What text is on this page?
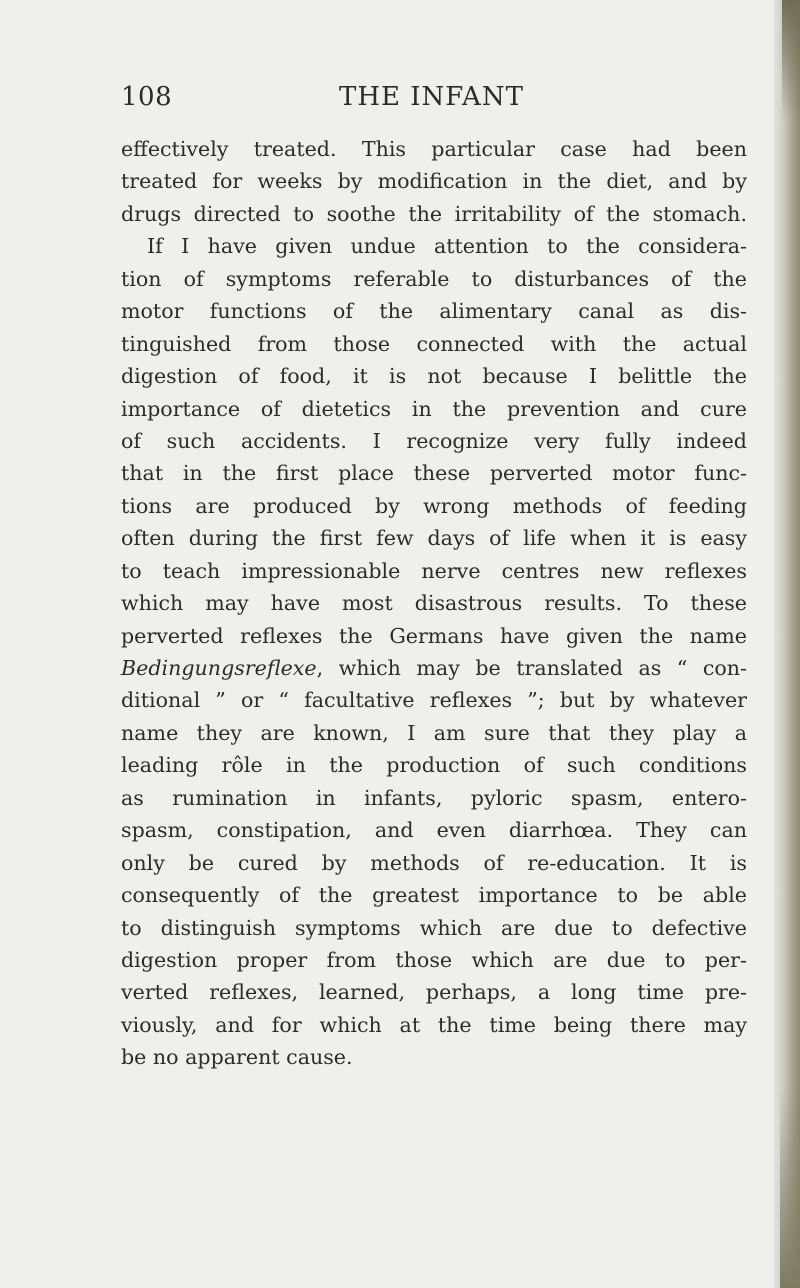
108	THE INFANT
effectively treated. This particular case had been
treated for weeks by modification in the diet, and by
drugs directed to soothe the irritability of the stomach.
If I have given undue attention to the considera-
tion of symptoms referable to disturbances of the
motor functions of the alimentary canal as dis-
tinguished from those connected with the actual
digestion of food, it is not because I belittle the
importance of dietetics in the prevention and cure
of such accidents. I recognize very fully indeed
that in the first place these perverted motor func-
tions are produced by wrong methods of feeding
often during the first few days of life when it is easy
to teach impressionable nerve centres new reflexes
which may have most disastrous results. To these
perverted reflexes the Germans have given the name
Bedingungsreflexe, which may be translated as “ con-
ditional ” or “ facultative reflexes ”; but by whatever
name they are known, I am sure that they play a
leading rôle in the production of such conditions
as rumination in infants, pyloric spasm, entero-
spasm, constipation, and even diarrhœa. They can
only be cured by methods of re-education. It is
consequently of the greatest importance to be able
to distinguish symptoms which are due to defective
digestion proper from those which are due to per-
verted reflexes, learned, perhaps, a long time pre-
viously, and for which at the time being there may
be no apparent cause.
